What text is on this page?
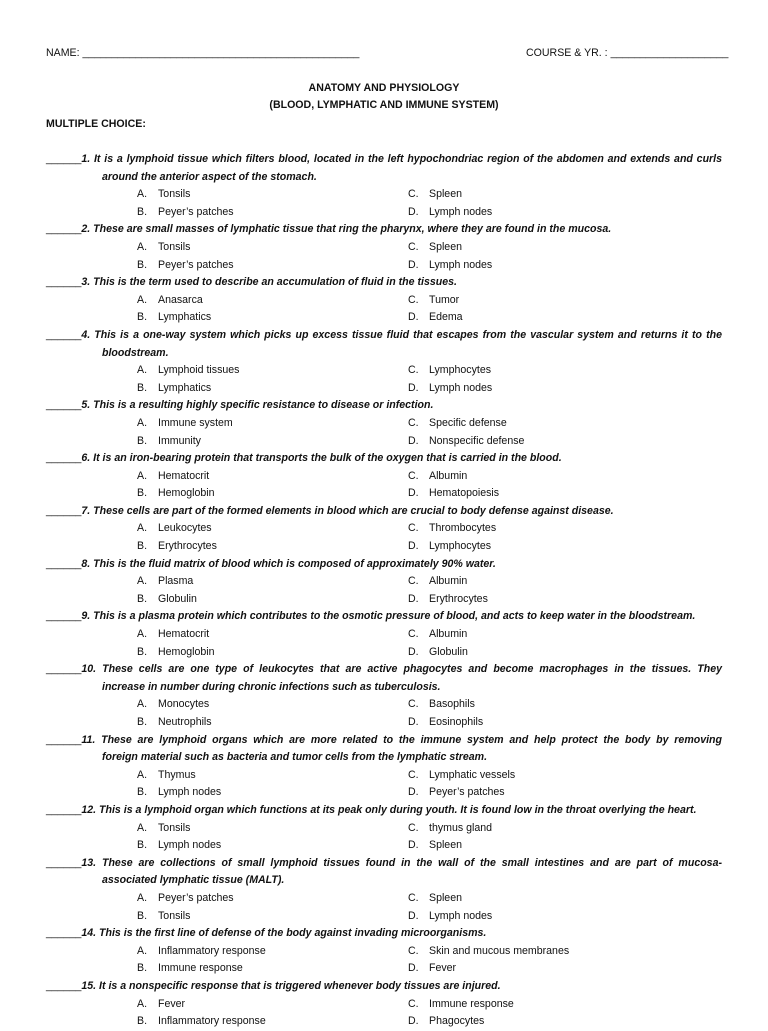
NAME: _______________________________________________	COURSE & YR. : ____________________
ANATOMY AND PHYSIOLOGY
(BLOOD, LYMPHATIC AND IMMUNE SYSTEM)
MULTIPLE CHOICE:
______1. It is a lymphoid tissue which filters blood, located in the left hypochondriac region of the abdomen and extends and curls
around the anterior aspect of the stomach.
A. Tonsils	C. Spleen
B. Peyer’s patches	D. Lymph nodes
______2. These are small masses of lymphatic tissue that ring the pharynx, where they are found in the mucosa.
A. Tonsils	C. Spleen
B. Peyer’s patches	D. Lymph nodes
______3. This is the term used to describe an accumulation of fluid in the tissues.
A. Anasarca	C. Tumor
B. Lymphatics	D. Edema
______4. This is a one-way system which picks up excess tissue fluid that escapes from the vascular system and returns it to the
bloodstream.
A. Lymphoid tissues	C. Lymphocytes
B. Lymphatics	D. Lymph nodes
______5. This is a resulting highly specific resistance to disease or infection.
A. Immune system	C. Specific defense
B. Immunity	D. Nonspecific defense
______6. It is an iron-bearing protein that transports the bulk of the oxygen that is carried in the blood.
A. Hematocrit	C. Albumin
B. Hemoglobin	D. Hematopoiesis
______7. These cells are part of the formed elements in blood which are crucial to body defense against disease.
A. Leukocytes	C. Thrombocytes
B. Erythrocytes	D. Lymphocytes
______8. This is the fluid matrix of blood which is composed of approximately 90% water.
A. Plasma	C. Albumin
B. Globulin	D. Erythrocytes
______9. This is a plasma protein which contributes to the osmotic pressure of blood, and acts to keep water in the bloodstream.
A. Hematocrit	C. Albumin
B. Hemoglobin	D. Globulin
______10. These cells are one type of leukocytes that are active phagocytes and become macrophages in the tissues. They
increase in number during chronic infections such as tuberculosis.
A. Monocytes	C. Basophils
B. Neutrophils	D. Eosinophils
______11. These are lymphoid organs which are more related to the immune system and help protect the body by removing
foreign material such as bacteria and tumor cells from the lymphatic stream.
A. Thymus	C. Lymphatic vessels
B. Lymph nodes	D. Peyer’s patches
______12. This is a lymphoid organ which functions at its peak only during youth. It is found low in the throat overlying the heart.
A. Tonsils	C. thymus gland
B. Lymph nodes	D. Spleen
______13. These are collections of small lymphoid tissues found in the wall of the small intestines and are part of mucosa-
associated lymphatic tissue (MALT).
A. Peyer’s patches	C. Spleen
B. Tonsils	D. Lymph nodes
______14. This is the first line of defense of the body against invading microorganisms.
A. Inflammatory response	C. Skin and mucous membranes
B. Immune response	D. Fever
______15. It is a nonspecific response that is triggered whenever body tissues are injured.
A. Fever	C. Immune response
B. Inflammatory response	D. Phagocytes
